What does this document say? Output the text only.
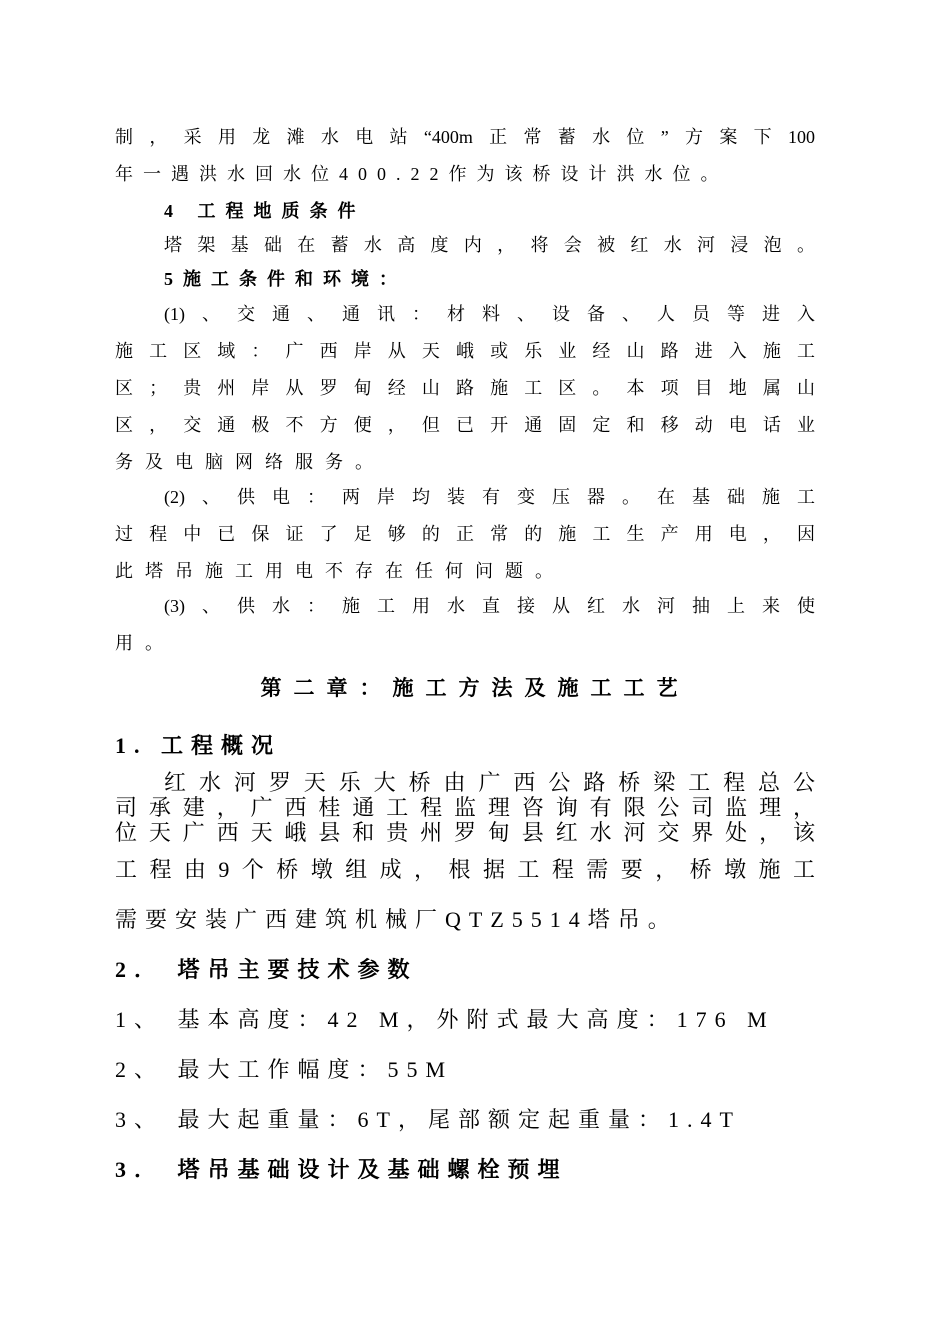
制，采用龙滩水电站“400m正常蓄水位”方案下100
年一遇洪水回水位400.22作为该桥设计洪水位。
4 工程地质条件
塔架基础在蓄水高度内，将会被红水河浸泡。
5施工条件和环境：
(1)、交通、通讯：材料、设备、人员等进入
施工区域：广西岸从天峨或乐业经山路进入施工
区；贵州岸从罗甸经山路施工区。本项目地属山
区，交通极不方便，但已开通固定和移动电话业
务及电脑网络服务。
(2)、供电：两岸均装有变压器。在基础施工
过程中已保证了足够的正常的施工生产用电，因
此塔吊施工用电不存在任何问题。
(3)、供水：施工用水直接从红水河抽上来使
用。
第二章：施工方法及施工工艺
1. 工程概况
红水河罗天乐大桥由广西公路桥梁工程总公
司承建，广西桂通工程监理咨询有限公司监理，
位天广西天峨县和贵州罗甸县红水河交界处，该
工程由9个桥墩组成，根据工程需要，桥墩施工
需要安装广西建筑机械厂QTZ5514塔吊。
2． 塔吊主要技术参数
1、 基本高度：42 M，外附式最大高度：176 M
2、 最大工作幅度：55M
3、 最大起重量：6T，尾部额定起重量：1.4T
3． 塔吊基础设计及基础螺栓预埋
